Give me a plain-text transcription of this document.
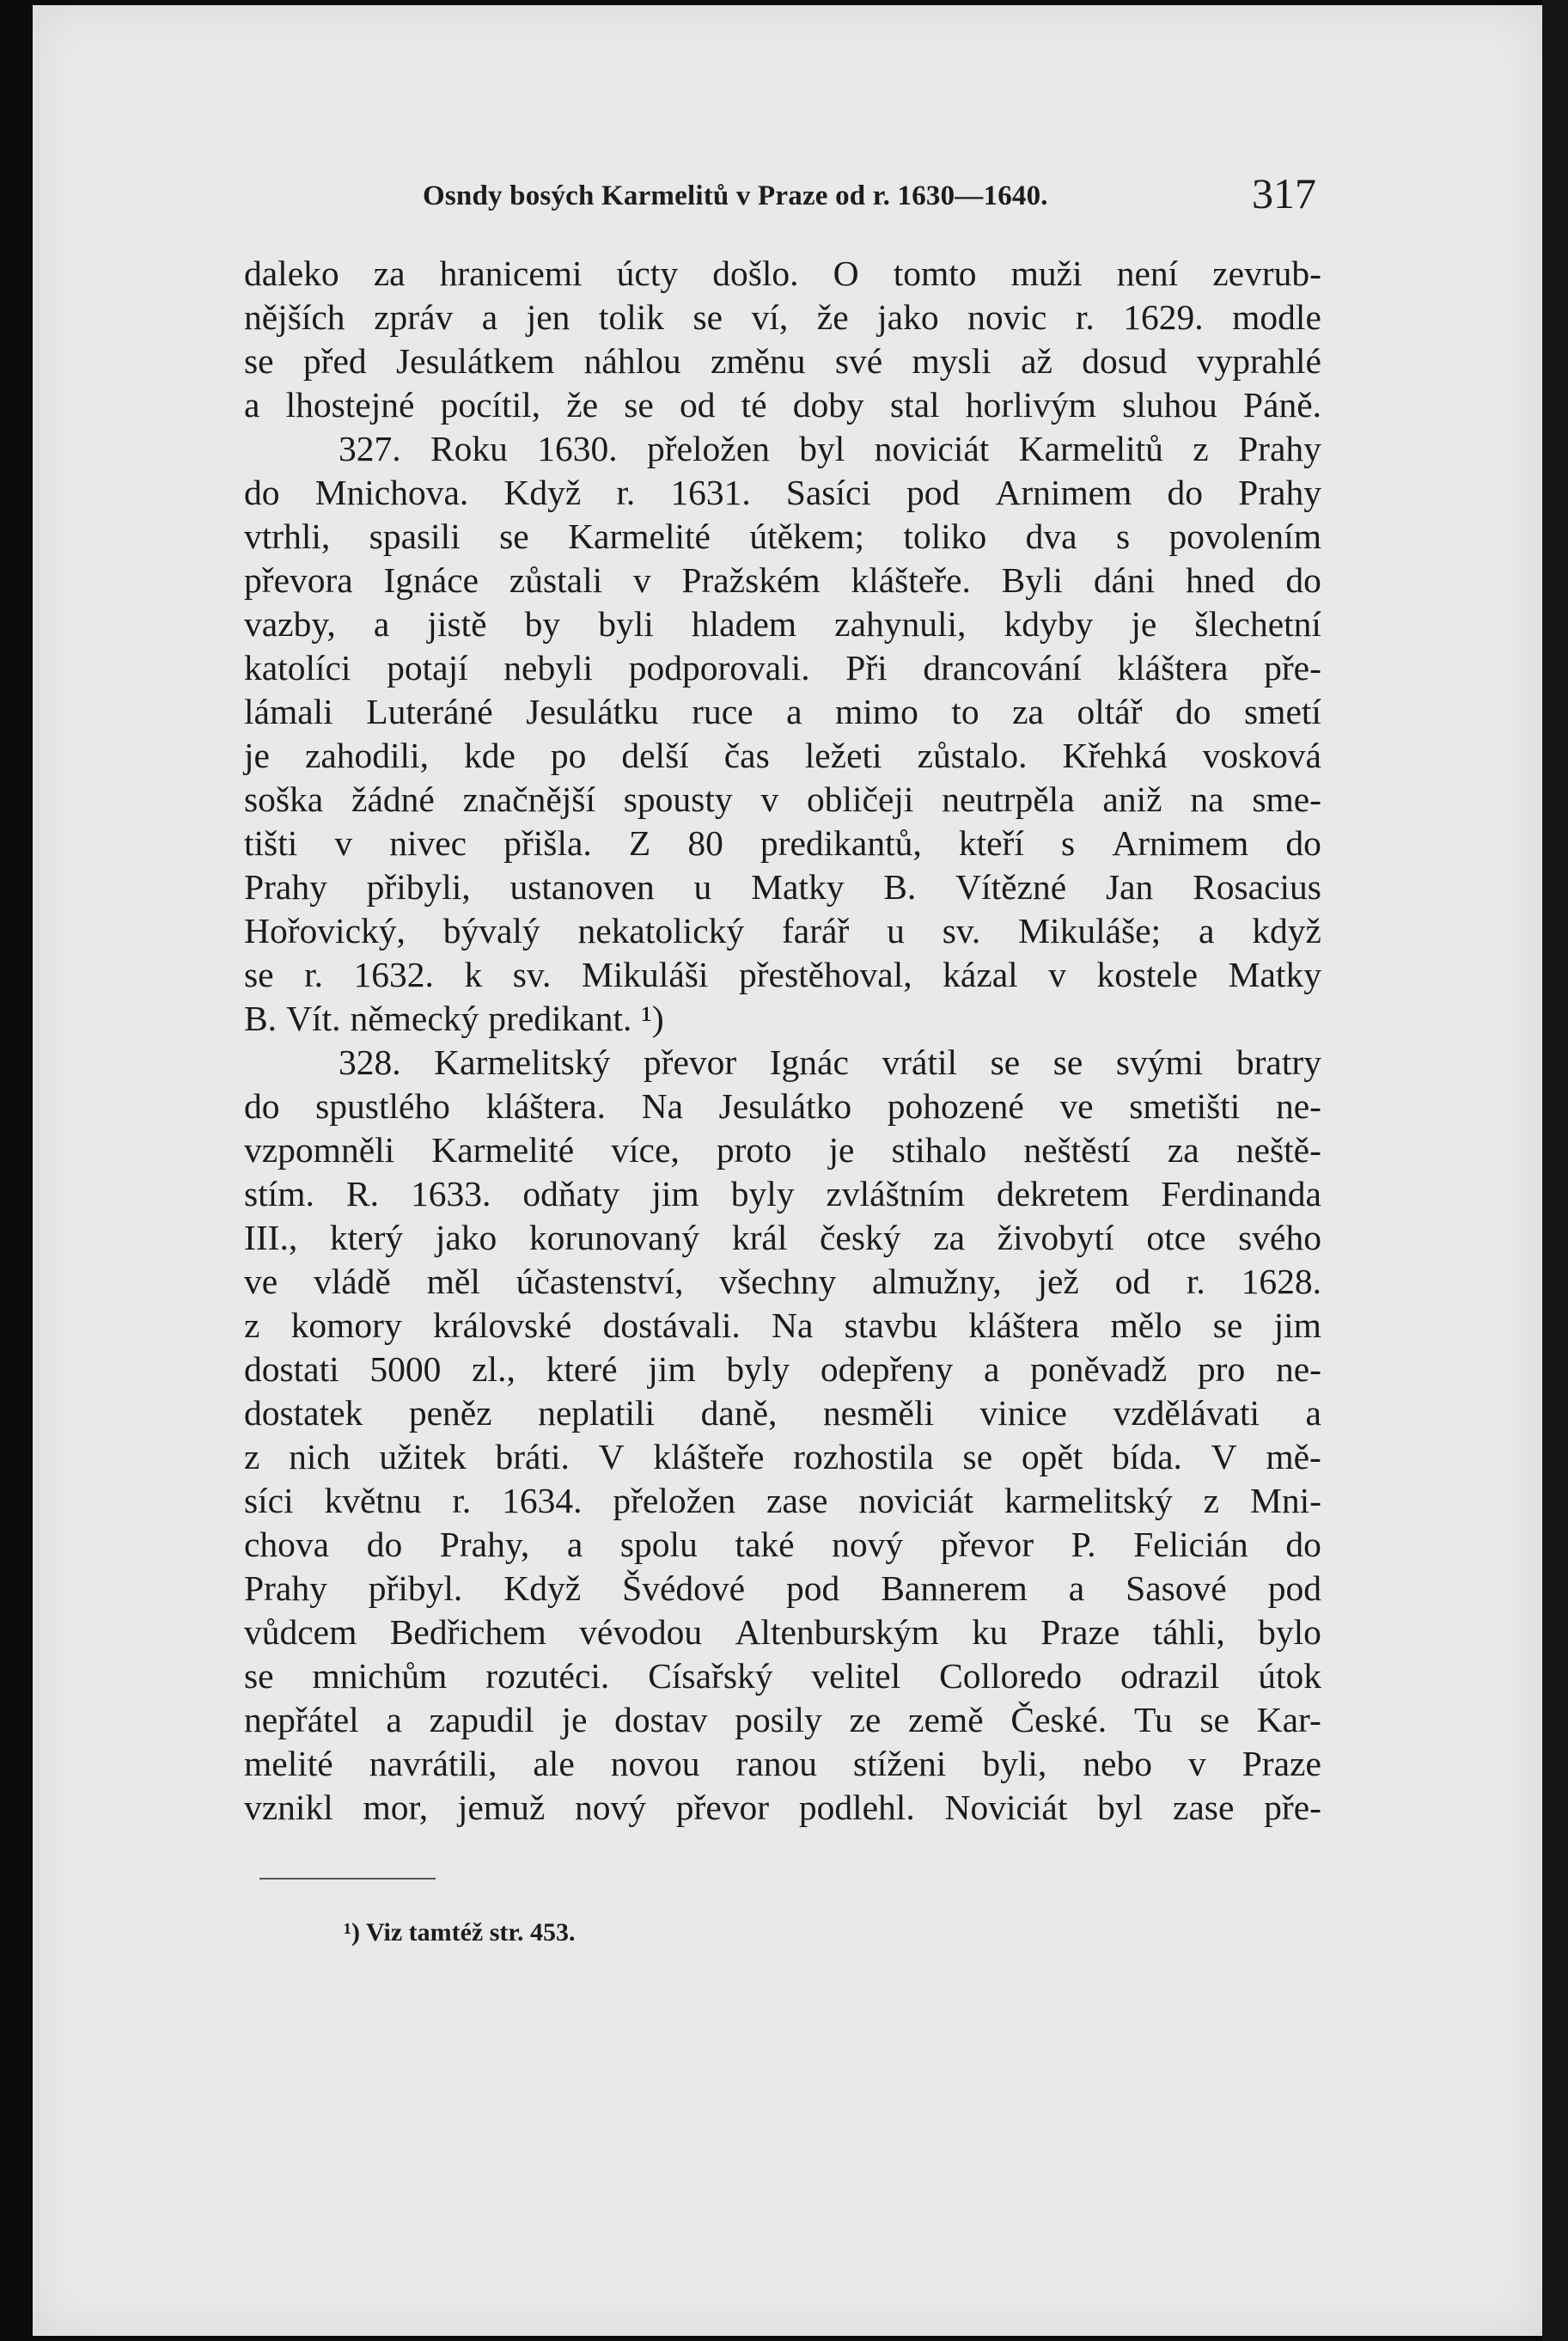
Osndy bosých Karmelitů v Praze od r. 1630—1640.	317
daleko za hranicemi úcty došlo. O tomto muži není zevrub-
nějších zpráv a jen tolik se ví, že jako novic r. 1629. modle
se před Jesulátkem náhlou změnu své mysli až dosud vyprahlé
a lhostejné pocítil, že se od té doby stal horlivým sluhou Páně.
327. Roku 1630. přeložen byl noviciát Karmelitů z Prahy
do Mnichova. Když r. 1631. Sasíci pod Arnimem do Prahy
vtrhli, spasili se Karmelité útěkem; toliko dva s povolením
převora Ignáce zůstali v Pražském klášteře. Byli dáni hned do
vazby, a jistě by byli hladem zahynuli, kdyby je šlechetní
katolíci potají nebyli podporovali. Při drancování kláštera pře-
lámali Luteráné Jesulátku ruce a mimo to za oltář do smetí
je zahodili, kde po delší čas ležeti zůstalo. Křehká vosková
soška žádné značnější spousty v obličeji neutrpěla aniž na sme-
tišti v nivec přišla. Z 80 predikantů, kteří s Arnimem do
Prahy přibyli, ustanoven u Matky B. Vítězné Jan Rosacius
Hořovický, bývalý nekatolický farář u sv. Mikuláše; a když
se r. 1632. k sv. Mikuláši přestěhoval, kázal v kostele Matky
B. Vít. německý predikant. ¹)
328. Karmelitský převor Ignác vrátil se se svými bratry
do spustlého kláštera. Na Jesulátko pohozené ve smetišti ne-
vzpomněli Karmelité více, proto je stihalo neštěstí za neště-
stím. R. 1633. odňaty jim byly zvláštním dekretem Ferdinanda
III., který jako korunovaný král český za živobytí otce svého
ve vládě měl účastenství, všechny almužny, jež od r. 1628.
z komory královské dostávali. Na stavbu kláštera mělo se jim
dostati 5000 zl., které jim byly odepřeny a poněvadž pro ne-
dostatek peněz neplatili daně, nesměli vinice vzdělávati a
z nich užitek bráti. V klášteře rozhostila se opět bída. V mě-
síci květnu r. 1634. přeložen zase noviciát karmelitský z Mni-
chova do Prahy, a spolu také nový převor P. Felicián do
Prahy přibyl. Když Švédové pod Bannerem a Sasové pod
vůdcem Bedřichem vévodou Altenburským ku Praze táhli, bylo
se mnichům rozutéci. Císařský velitel Colloredo odrazil útok
nepřátel a zapudil je dostav posily ze země České. Tu se Kar-
melité navrátili, ale novou ranou stíženi byli, nebo v Praze
vznikl mor, jemuž nový převor podlehl. Noviciát byl zase pře-
¹) Viz tamtéž str. 453.
